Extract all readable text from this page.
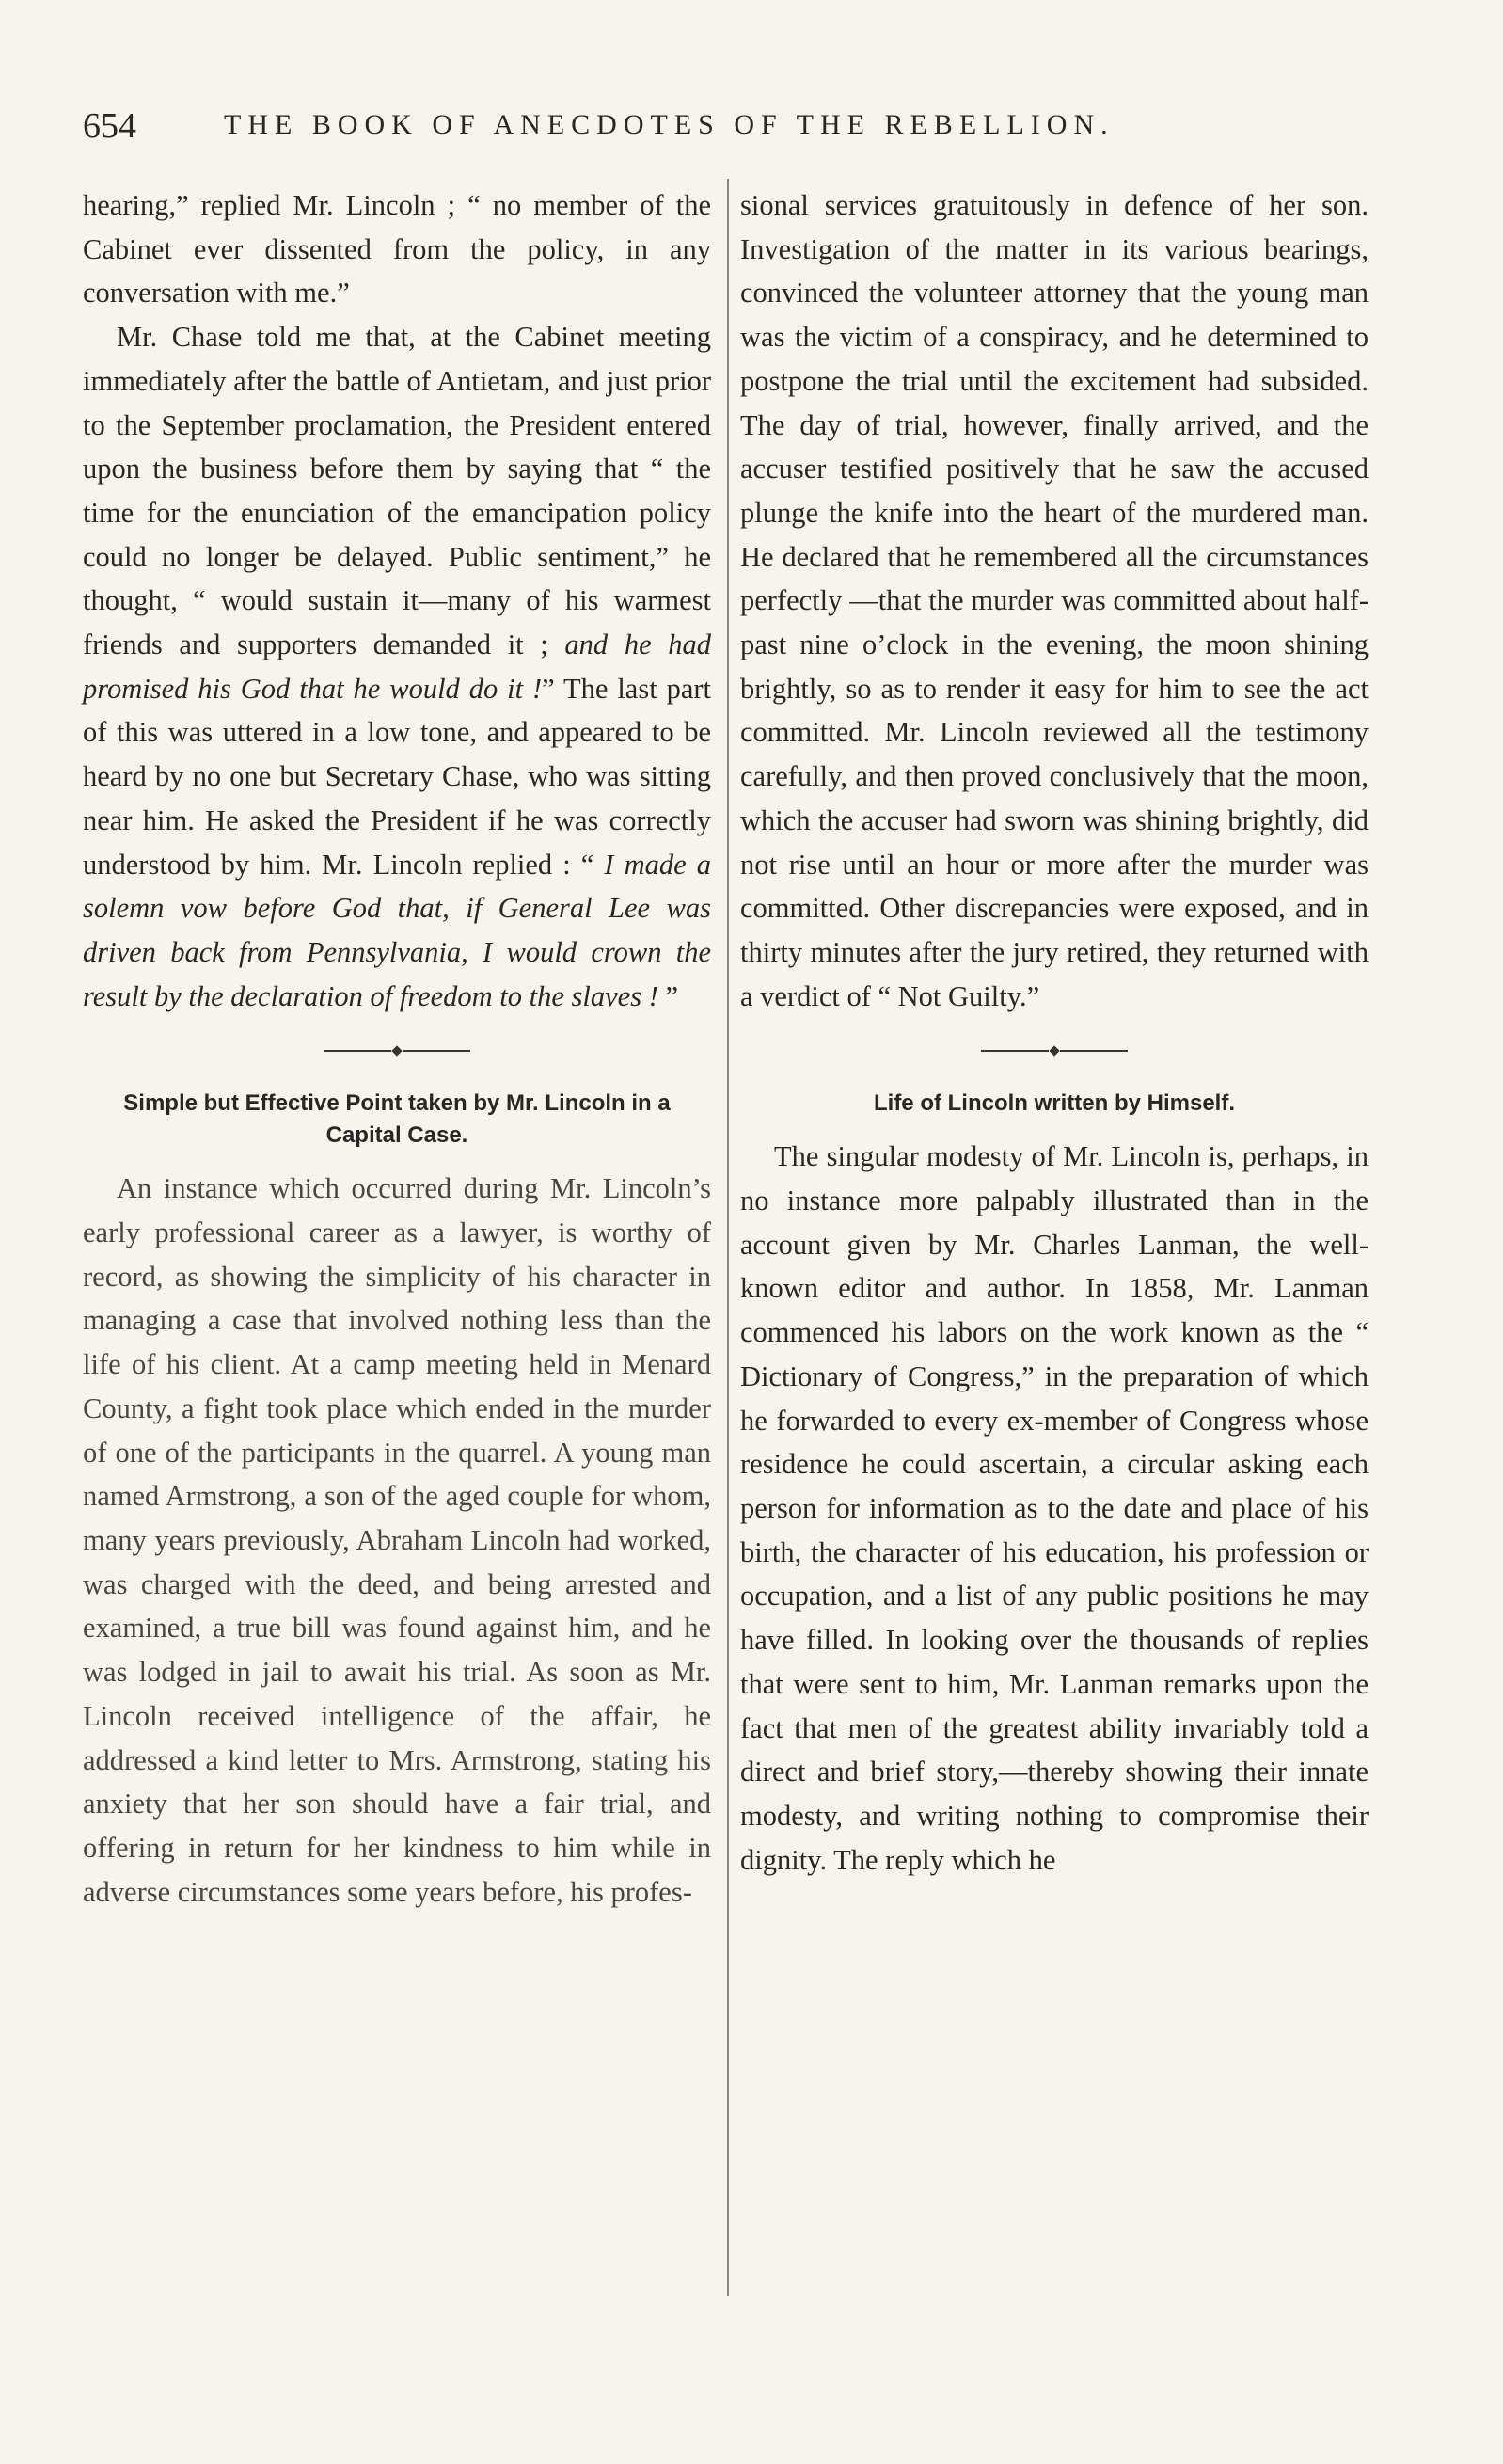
654	THE BOOK OF ANECDOTES OF THE REBELLION.

hearing,” replied Mr. Lincoln ; “ no member of the Cabinet ever dissented from the policy, in any conversation with me.”

Mr. Chase told me that, at the Cabinet meeting immediately after the battle of Antietam, and just prior to the September proclamation, the President entered upon the business before them by saying that “ the time for the enunciation of the emancipation policy could no longer be delayed. Public sentiment,” he thought, “ would sustain it—many of his warmest friends and supporters demanded it ; and he had promised his God that he would do it !” The last part of this was uttered in a low tone, and appeared to be heard by no one but Secretary Chase, who was sitting near him. He asked the President if he was correctly understood by him. Mr. Lincoln replied : “ I made a solemn vow before God that, if General Lee was driven back from Pennsylvania, I would crown the result by the declaration of freedom to the slaves ! ”

Simple but Effective Point taken by Mr. Lincoln in a Capital Case.

An instance which occurred during Mr. Lincoln’s early professional career as a lawyer, is worthy of record, as showing the simplicity of his character in managing a case that involved nothing less than the life of his client. At a camp meeting held in Menard County, a fight took place which ended in the murder of one of the participants in the quarrel. A young man named Armstrong, a son of the aged couple for whom, many years previously, Abraham Lincoln had worked, was charged with the deed, and being arrested and examined, a true bill was found against him, and he was lodged in jail to await his trial. As soon as Mr. Lincoln received intelligence of the affair, he addressed a kind letter to Mrs. Armstrong, stating his anxiety that her son should have a fair trial, and offering in return for her kindness to him while in adverse circumstances some years before, his profes-

sional services gratuitously in defence of her son. Investigation of the matter in its various bearings, convinced the volunteer attorney that the young man was the victim of a conspiracy, and he determined to postpone the trial until the excitement had subsided. The day of trial, however, finally arrived, and the accuser testified positively that he saw the accused plunge the knife into the heart of the murdered man. He declared that he remembered all the circumstances perfectly —that the murder was committed about half-past nine o’clock in the evening, the moon shining brightly, so as to render it easy for him to see the act committed. Mr. Lincoln reviewed all the testimony carefully, and then proved conclusively that the moon, which the accuser had sworn was shining brightly, did not rise until an hour or more after the murder was committed. Other discrepancies were exposed, and in thirty minutes after the jury retired, they returned with a verdict of “ Not Guilty.”

Life of Lincoln written by Himself.

The singular modesty of Mr. Lincoln is, perhaps, in no instance more palpably illustrated than in the account given by Mr. Charles Lanman, the well-known editor and author. In 1858, Mr. Lanman commenced his labors on the work known as the “ Dictionary of Congress,” in the preparation of which he forwarded to every ex-member of Congress whose residence he could ascertain, a circular asking each person for information as to the date and place of his birth, the character of his education, his profession or occupation, and a list of any public positions he may have filled. In looking over the thousands of replies that were sent to him, Mr. Lanman remarks upon the fact that men of the greatest ability invariably told a direct and brief story,—thereby showing their innate modesty, and writing nothing to compromise their dignity. The reply which he
